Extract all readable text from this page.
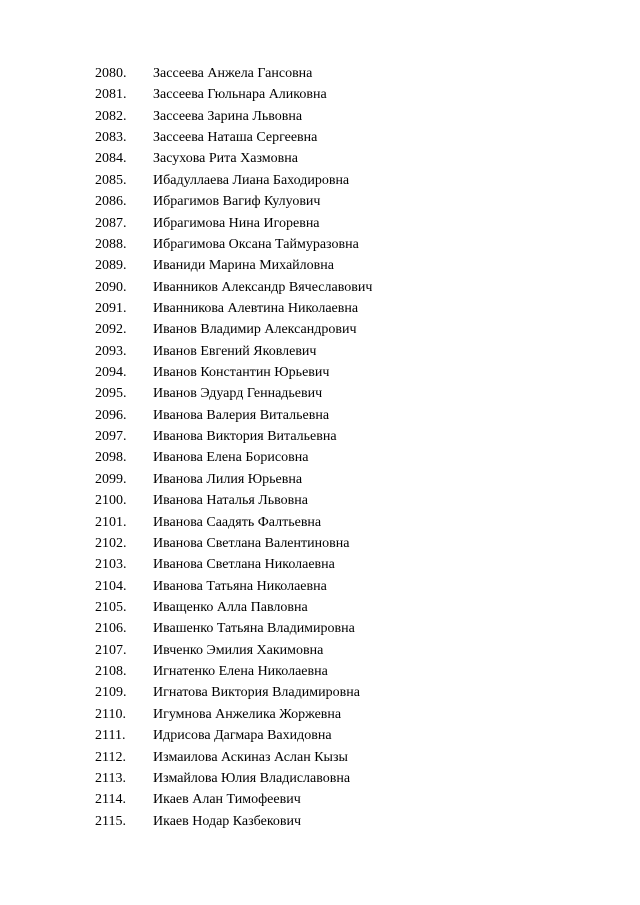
2080.	Зассеева Анжела Гансовна
2081.	Зассеева Гюльнара Аликовна
2082.	Зассеева Зарина Львовна
2083.	Зассеева Наташа Сергеевна
2084.	Засухова Рита Хазмовна
2085.	Ибадуллаева Лиана Баходировна
2086.	Ибрагимов Вагиф Кулуович
2087.	Ибрагимова Нина Игоревна
2088.	Ибрагимова Оксана Таймуразовна
2089.	Иваниди Марина Михайловна
2090.	Иванников Александр Вячеславович
2091.	Иванникова Алевтина Николаевна
2092.	Иванов Владимир Александрович
2093.	Иванов Евгений Яковлевич
2094.	Иванов Константин Юрьевич
2095.	Иванов Эдуард Геннадьевич
2096.	Иванова Валерия Витальевна
2097.	Иванова Виктория Витальевна
2098.	Иванова Елена Борисовна
2099.	Иванова Лилия Юрьевна
2100.	Иванова Наталья Львовна
2101.	Иванова Саадять Фалтьевна
2102.	Иванова Светлана Валентиновна
2103.	Иванова Светлана Николаевна
2104.	Иванова Татьяна Николаевна
2105.	Иващенко Алла Павловна
2106.	Ивашенко Татьяна Владимировна
2107.	Ивченко Эмилия Хакимовна
2108.	Игнатенко Елена Николаевна
2109.	Игнатова Виктория Владимировна
2110.	Игумнова Анжелика Жоржевна
2111.	Идрисова Дагмара Вахидовна
2112.	Измаилова Аскиназ Аслан Кызы
2113.	Измайлова Юлия Владиславовна
2114.	Икаев Алан Тимофеевич
2115.	Икаев Нодар Казбекович
